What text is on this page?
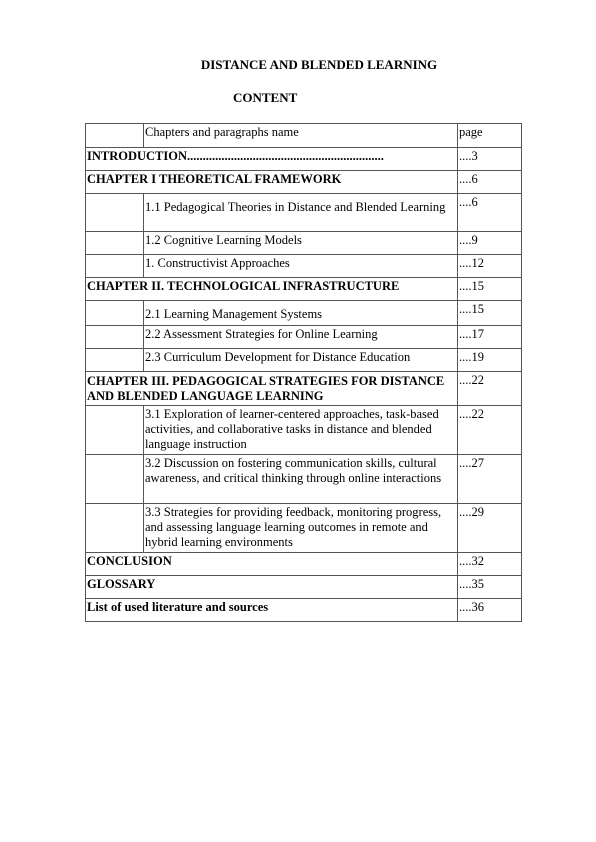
DISTANCE AND BLENDED LEARNING
CONTENT
	Chapters and paragraphs name	page
INTRODUCTION...............................................................		....3
CHAPTER I THEORETICAL FRAMEWORK		....6
	1.1 Pedagogical Theories in Distance and Blended Learning	....6
	1.2 Cognitive Learning Models	....9
	1. Constructivist Approaches	....12
CHAPTER II. TECHNOLOGICAL INFRASTRUCTURE		....15
	2.1 Learning Management Systems	....15
	2.2 Assessment Strategies for Online Learning	....17
	2.3 Curriculum Development for Distance Education	....19
CHAPTER III. PEDAGOGICAL STRATEGIES FOR DISTANCE AND BLENDED LANGUAGE LEARNING		....22
	3.1 Exploration of learner-centered approaches, task-based activities, and collaborative tasks in distance and blended language instruction	....22
	3.2 Discussion on fostering communication skills, cultural awareness, and critical thinking through online interactions	....27
	3.3 Strategies for providing feedback, monitoring progress, and assessing language learning outcomes in remote and hybrid learning environments	....29
CONCLUSION		....32
GLOSSARY		....35
List of used literature and sources		....36
